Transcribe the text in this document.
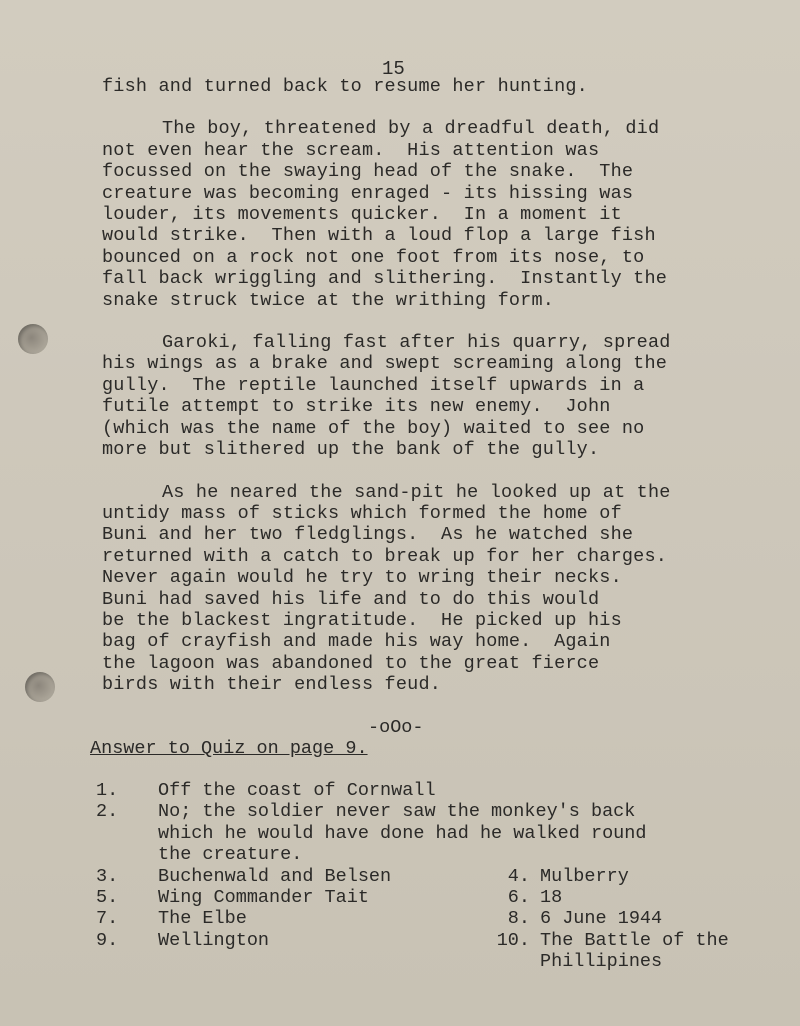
15

fish and turned back to resume her hunting.

The boy, threatened by a dreadful death, did

not even hear the scream.  His attention was

focussed on the swaying head of the snake.  The

creature was becoming enraged - its hissing was

louder, its movements quicker.  In a moment it

would strike.  Then with a loud flop a large fish

bounced on a rock not one foot from its nose, to

fall back wriggling and slithering.  Instantly the

snake struck twice at the writhing form.

Garoki, falling fast after his quarry, spread

his wings as a brake and swept screaming along the

gully.  The reptile launched itself upwards in a

futile attempt to strike its new enemy.  John

(which was the name of the boy) waited to see no

more but slithered up the bank of the gully.

As he neared the sand-pit he looked up at the

untidy mass of sticks which formed the home of

Buni and her two fledglings.  As he watched she

returned with a catch to break up for her charges.

Never again would he try to wring their necks.

Buni had saved his life and to do this would

be the blackest ingratitude.  He picked up his

bag of crayfish and made his way home.  Again

the lagoon was abandoned to the great fierce

birds with their endless feud.

-oOo-
Answer to Quiz on page 9.
1.	Off the coast of Cornwall
2.	No; the soldier never saw the monkey's back
which he would have done had he walked round
the creature.
3.	Buchenwald and Belsen	4. Mulberry
5.	Wing Commander Tait	6. 18
7.	The Elbe	8. 6 June 1944
9.	Wellington	10. The Battle of the
Phillipines
